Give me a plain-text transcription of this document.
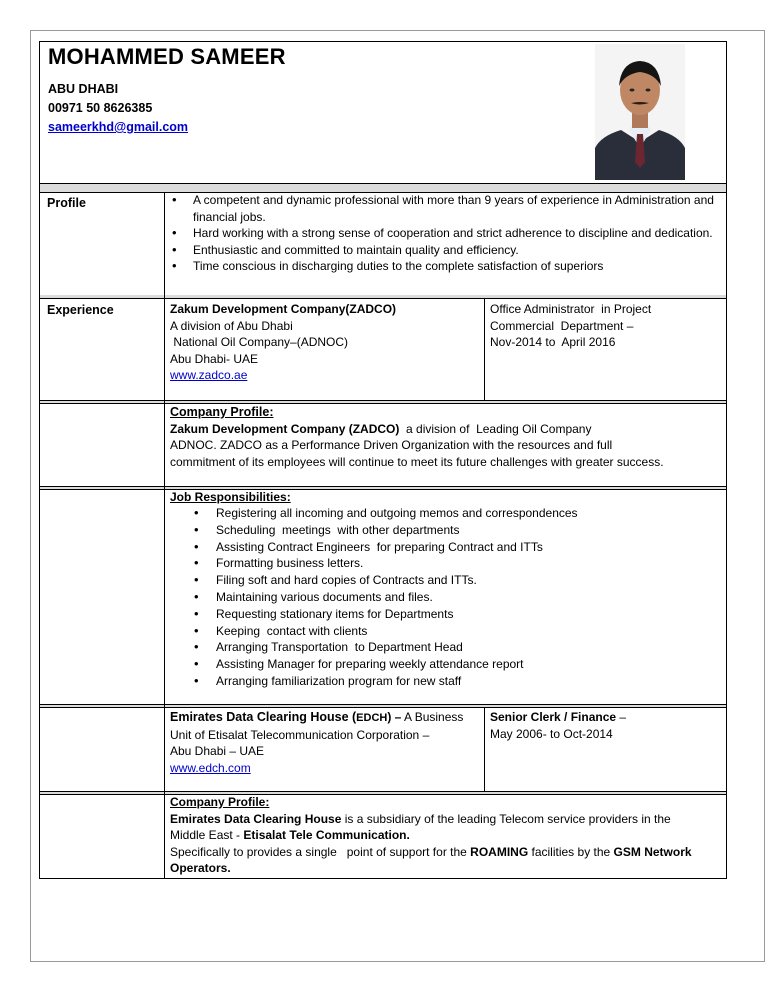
MOHAMMED SAMEER
ABU DHABI
00971 50 8626385
sameerkhd@gmail.com
Profile
•	A competent and dynamic professional with more than 9 years of experience in Administration and financial jobs.
• Hard working with a strong sense of cooperation and strict adherence to discipline and dedication.
• Enthusiastic and committed to maintain quality and efficiency.
• Time conscious in discharging duties to the complete satisfaction of superiors
Experience	Zakum Development Company(ZADCO)
A division of Abu Dhabi
National Oil Company–(ADNOC)
Abu Dhabi- UAE
www.zadco.ae
Office Administrator  in Project
Commercial  Department –
Nov-2014 to  April 2016
Company Profile:
Zakum Development Company (ZADCO)  a division of  Leading Oil Company
ADNOC. ZADCO as a Performance Driven Organization with the resources and full
commitment of its employees will continue to meet its future challenges with greater success.
Job Responsibilities:
• Registering all incoming and outgoing memos and correspondences
• Scheduling  meetings  with other departments
• Assisting Contract Engineers  for preparing Contract and ITTs
• Formatting business letters.
• Filing soft and hard copies of Contracts and ITTs.
• Maintaining various documents and files.
• Requesting stationary items for Departments
• Keeping  contact with clients
• Arranging Transportation  to Department Head
• Assisting Manager for preparing weekly attendance report
• Arranging familiarization program for new staff
Emirates Data Clearing House (EDCH) – A Business
Unit of Etisalat Telecommunication Corporation –
Abu Dhabi – UAE
www.edch.com
Senior Clerk / Finance –
May 2006- to Oct-2014
Company Profile:
Emirates Data Clearing House is a subsidiary of the leading Telecom service providers in the
Middle East - Etisalat Tele Communication.
Specifically to provides a single   point of support for the ROAMING facilities by the GSM Network
Operators.
